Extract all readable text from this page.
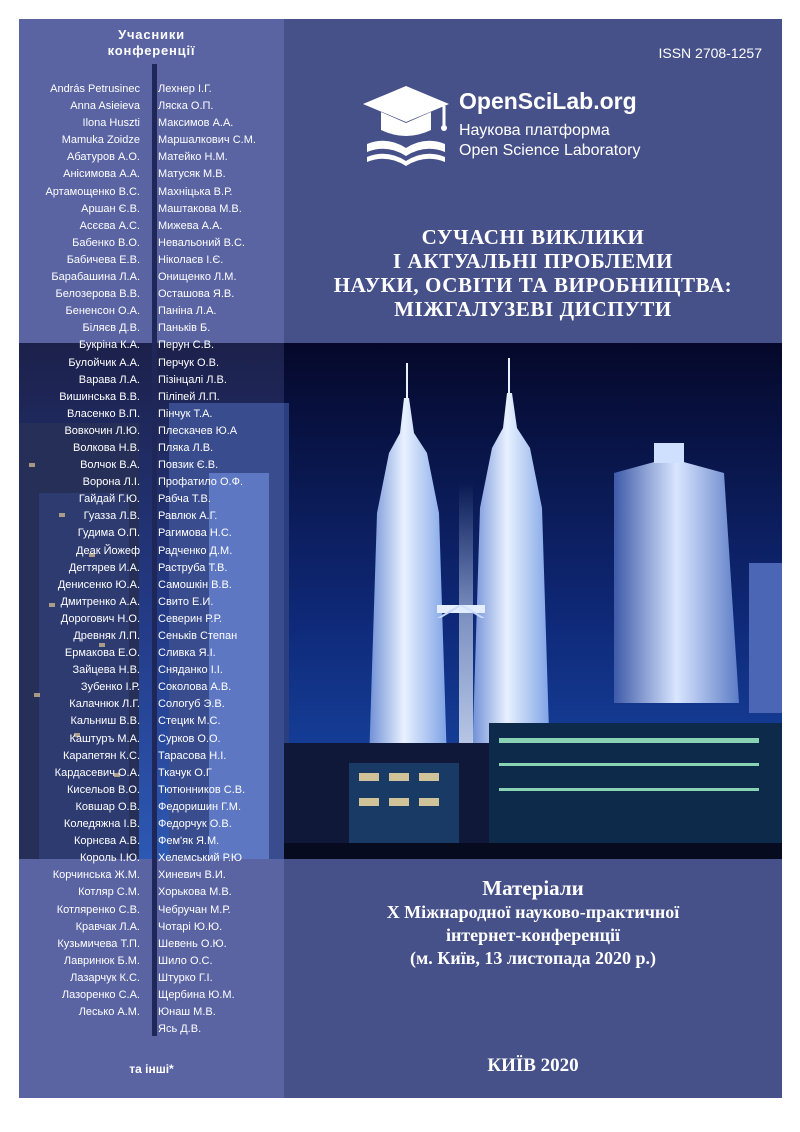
Учасники
конференції
András Petrusinec
Anna Asieieva
Ilona Huszti
Mamuka Zoidze
Абатуров А.О.
Анісимова А.А.
Артамощенко В.С.
Аршан Є.В.
Асєєва А.С.
Бабенко В.О.
Бабичева Е.В.
Барабашина Л.А.
Белозерова В.В.
Бененсон О.А.
Біляєв Д.В.
Букріна К.А.
Булойчик А.А.
Варава Л.А.
Вишинська В.В.
Власенко В.П.
Вовкочин Л.Ю.
Волкова Н.В.
Волчок В.А.
Ворона Л.І.
Гайдай Г.Ю.
Гуазза Л.В.
Гудима О.П.
Деак Йожеф
Дегтярев И.А.
Денисенко Ю.А.
Дмитренко А.А.
Дорогович Н.О.
Древняк Л.П.
Ермакова Е.О.
Зайцева Н.В.
Зубенко І.Р.
Калачнюк Л.Г.
Кальниш В.В.
Каштуръ М.А.
Карапетян К.С.
Кардасевич О.А.
Кисельов В.О.
Ковшар О.В.
Коледяжна І.В.
Корнєва А.В.
Король І.Ю.
Корчинська Ж.М.
Котляр С.М.
Котляренко С.В.
Кравчак Л.А.
Кузьмичева Т.П.
Лавринюк Б.М.
Лазарчук К.С.
Лазоренко С.А.
Лесько А.М.
Лехнер І.Г.
Ляска О.П.
Максимов А.А.
Маршалкович С.М.
Матейко Н.М.
Матусяк М.В.
Махніцька В.Р.
Маштакова М.В.
Мижева А.А.
Невальоний В.С.
Ніколаєв І.Є.
Онищенко Л.М.
Осташова Я.В.
Паніна Л.А.
Паньків Б.
Перун С.В.
Перчук О.В.
Пізінцалі Л.В.
Пілiпей Л.П.
Пінчук Т.А.
Плескачев Ю.А
Пляка Л.В.
Повзик Є.В.
Профатило О.Ф.
Рабча Т.В.
Равлюк А.Г.
Рагимова Н.С.
Радченко Д.М.
Раструба Т.В.
Самошкін В.В.
Свито Е.И.
Северин Р.Р.
Сеньків Степан
Сливка Я.І.
Сняданко І.І.
Соколова А.В.
Сологуб Э.В.
Стецик М.С.
Сурков О.О.
Тарасова Н.І.
Ткачук О.Г
Тютюнников С.В.
Федоришин Г.М.
Федорчук О.В.
Фем'як Я.М.
Хелемський Р.Ю
Хиневич В.И.
Хорькова М.В.
Чебручан М.Р.
Чотарі Ю.Ю.
Шевень О.Ю.
Шило О.С.
Штурко Г.І.
Щербина Ю.М.
Юнаш М.В.
Ясь Д.В.
та інші*
ISSN 2708-1257
OpenSciLab.org
Наукова платформа
Open Science Laboratory
СУЧАСНІ ВИКЛИКИ
І АКТУАЛЬНІ ПРОБЛЕМИ
НАУКИ, ОСВІТИ ТА ВИРОБНИЦТВА:
МІЖГАЛУЗЕВІ ДИСПУТИ
Матеріали
X Міжнародної науково-практичної
інтернет-конференції
(м. Київ, 13 листопада 2020 р.)
КИЇВ 2020
